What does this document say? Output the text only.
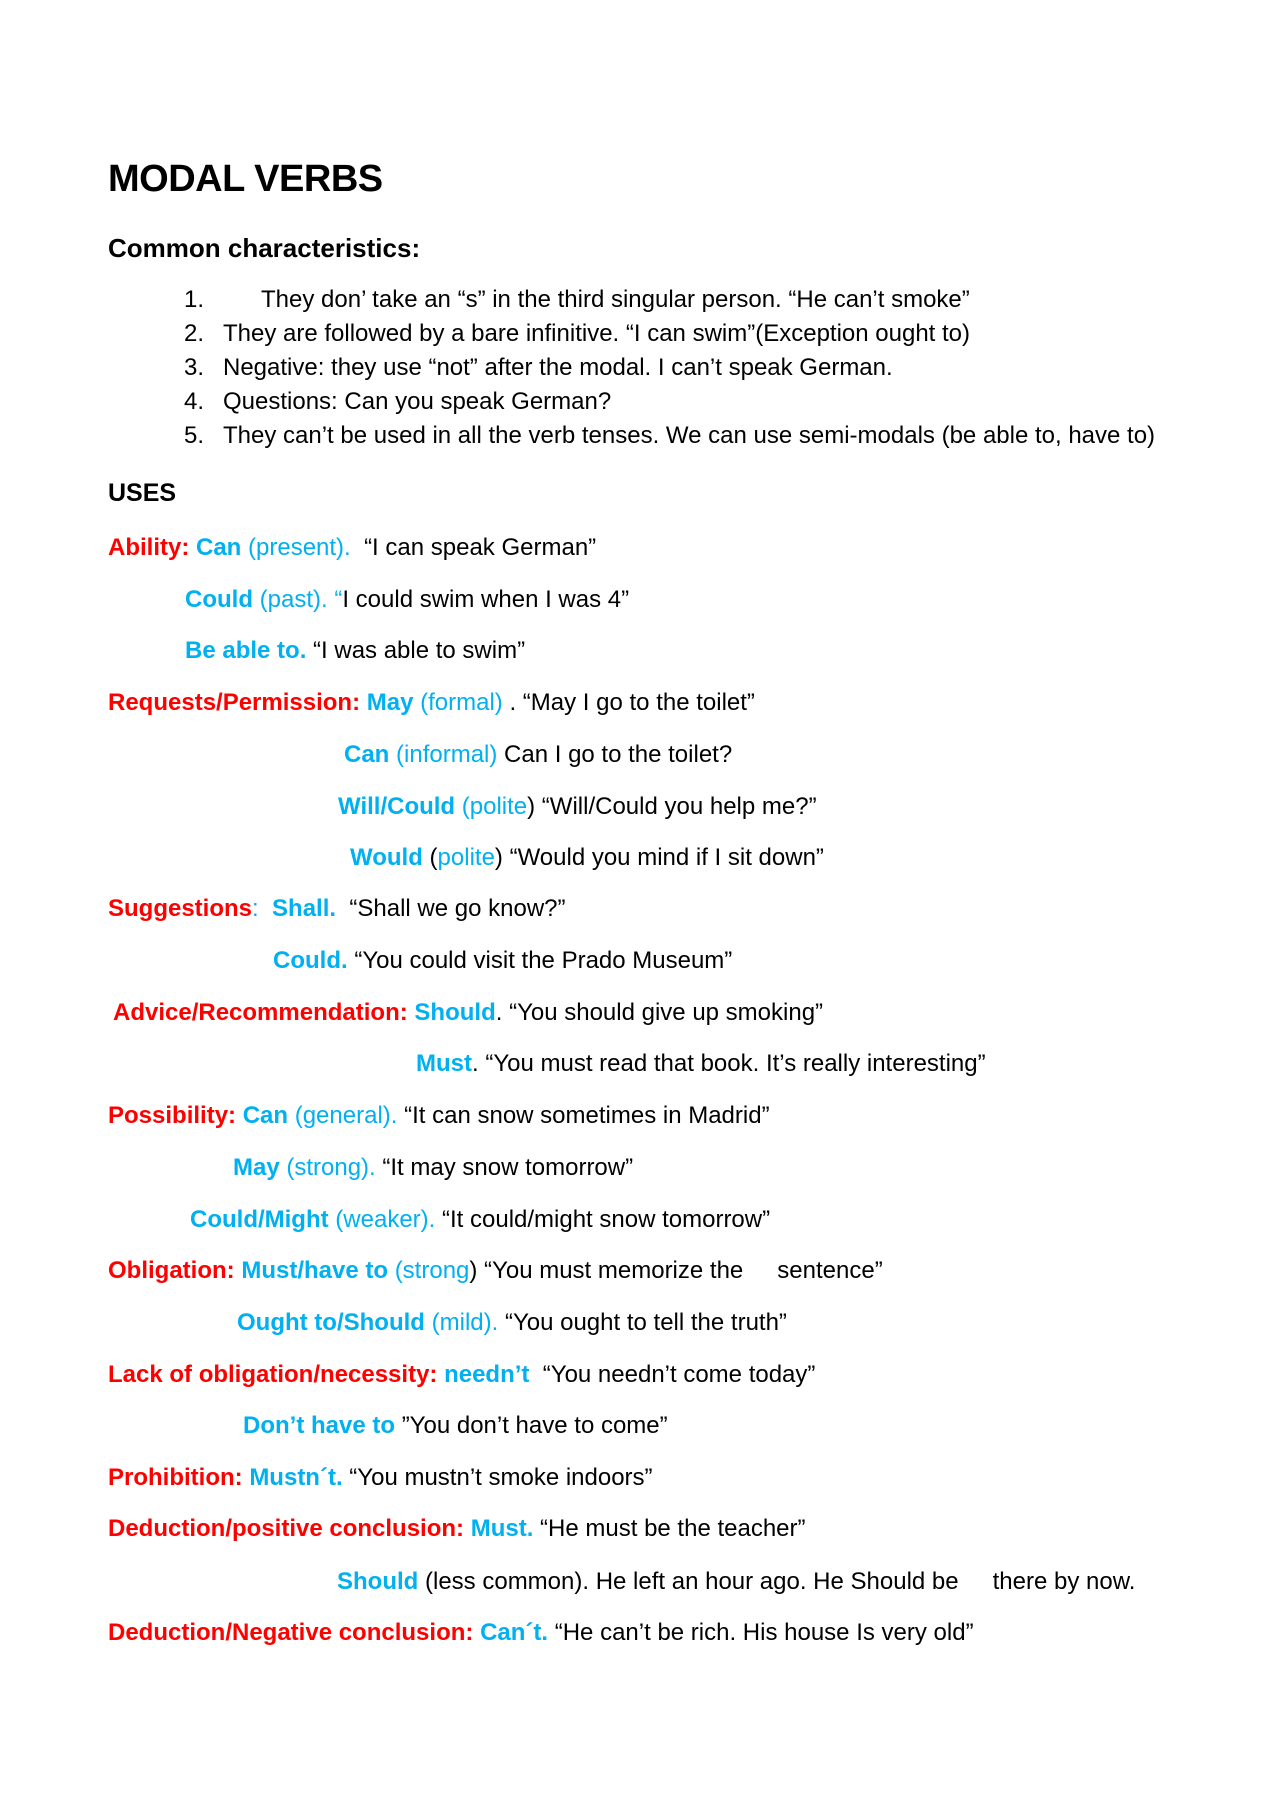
MODAL VERBS

Common characteristics:

1. They don’ take an “s” in the third singular person. “He can’t smoke”
2. They are followed by a bare infinitive. “I can swim”(Exception ought to)
3. Negative: they use “not” after the modal. I can’t speak German.
4. Questions: Can you speak German?
5. They can’t be used in all the verb tenses. We can use semi-modals (be able to, have to)

USES

Ability: Can (present). “I can speak German”
Could (past). “I could swim when I was 4”
Be able to. “I was able to swim”
Requests/Permission: May (formal) . “May I go to the toilet”
Can (informal) Can I go to the toilet?
Will/Could (polite) “Will/Could you help me?”
Would (polite) “Would you mind if I sit down”
Suggestions: Shall. “Shall we go know?”
Could. “You could visit the Prado Museum”
Advice/Recommendation: Should. “You should give up smoking”
Must. “You must read that book. It’s really interesting”
Possibility: Can (general). “It can snow sometimes in Madrid”
May (strong). “It may snow tomorrow”
Could/Might (weaker). “It could/might snow tomorrow”
Obligation: Must/have to (strong) “You must memorize the sentence”
Ought to/Should (mild). “You ought to tell the truth”
Lack of obligation/necessity: needn’t “You needn’t come today”
Don’t have to ”You don’t have to come”
Prohibition: Mustn´t. “You mustn’t smoke indoors”
Deduction/positive conclusion: Must. “He must be the teacher”
Should (less common). He left an hour ago. He Should be there by now.
Deduction/Negative conclusion: Can´t. “He can’t be rich. His house Is very old”
